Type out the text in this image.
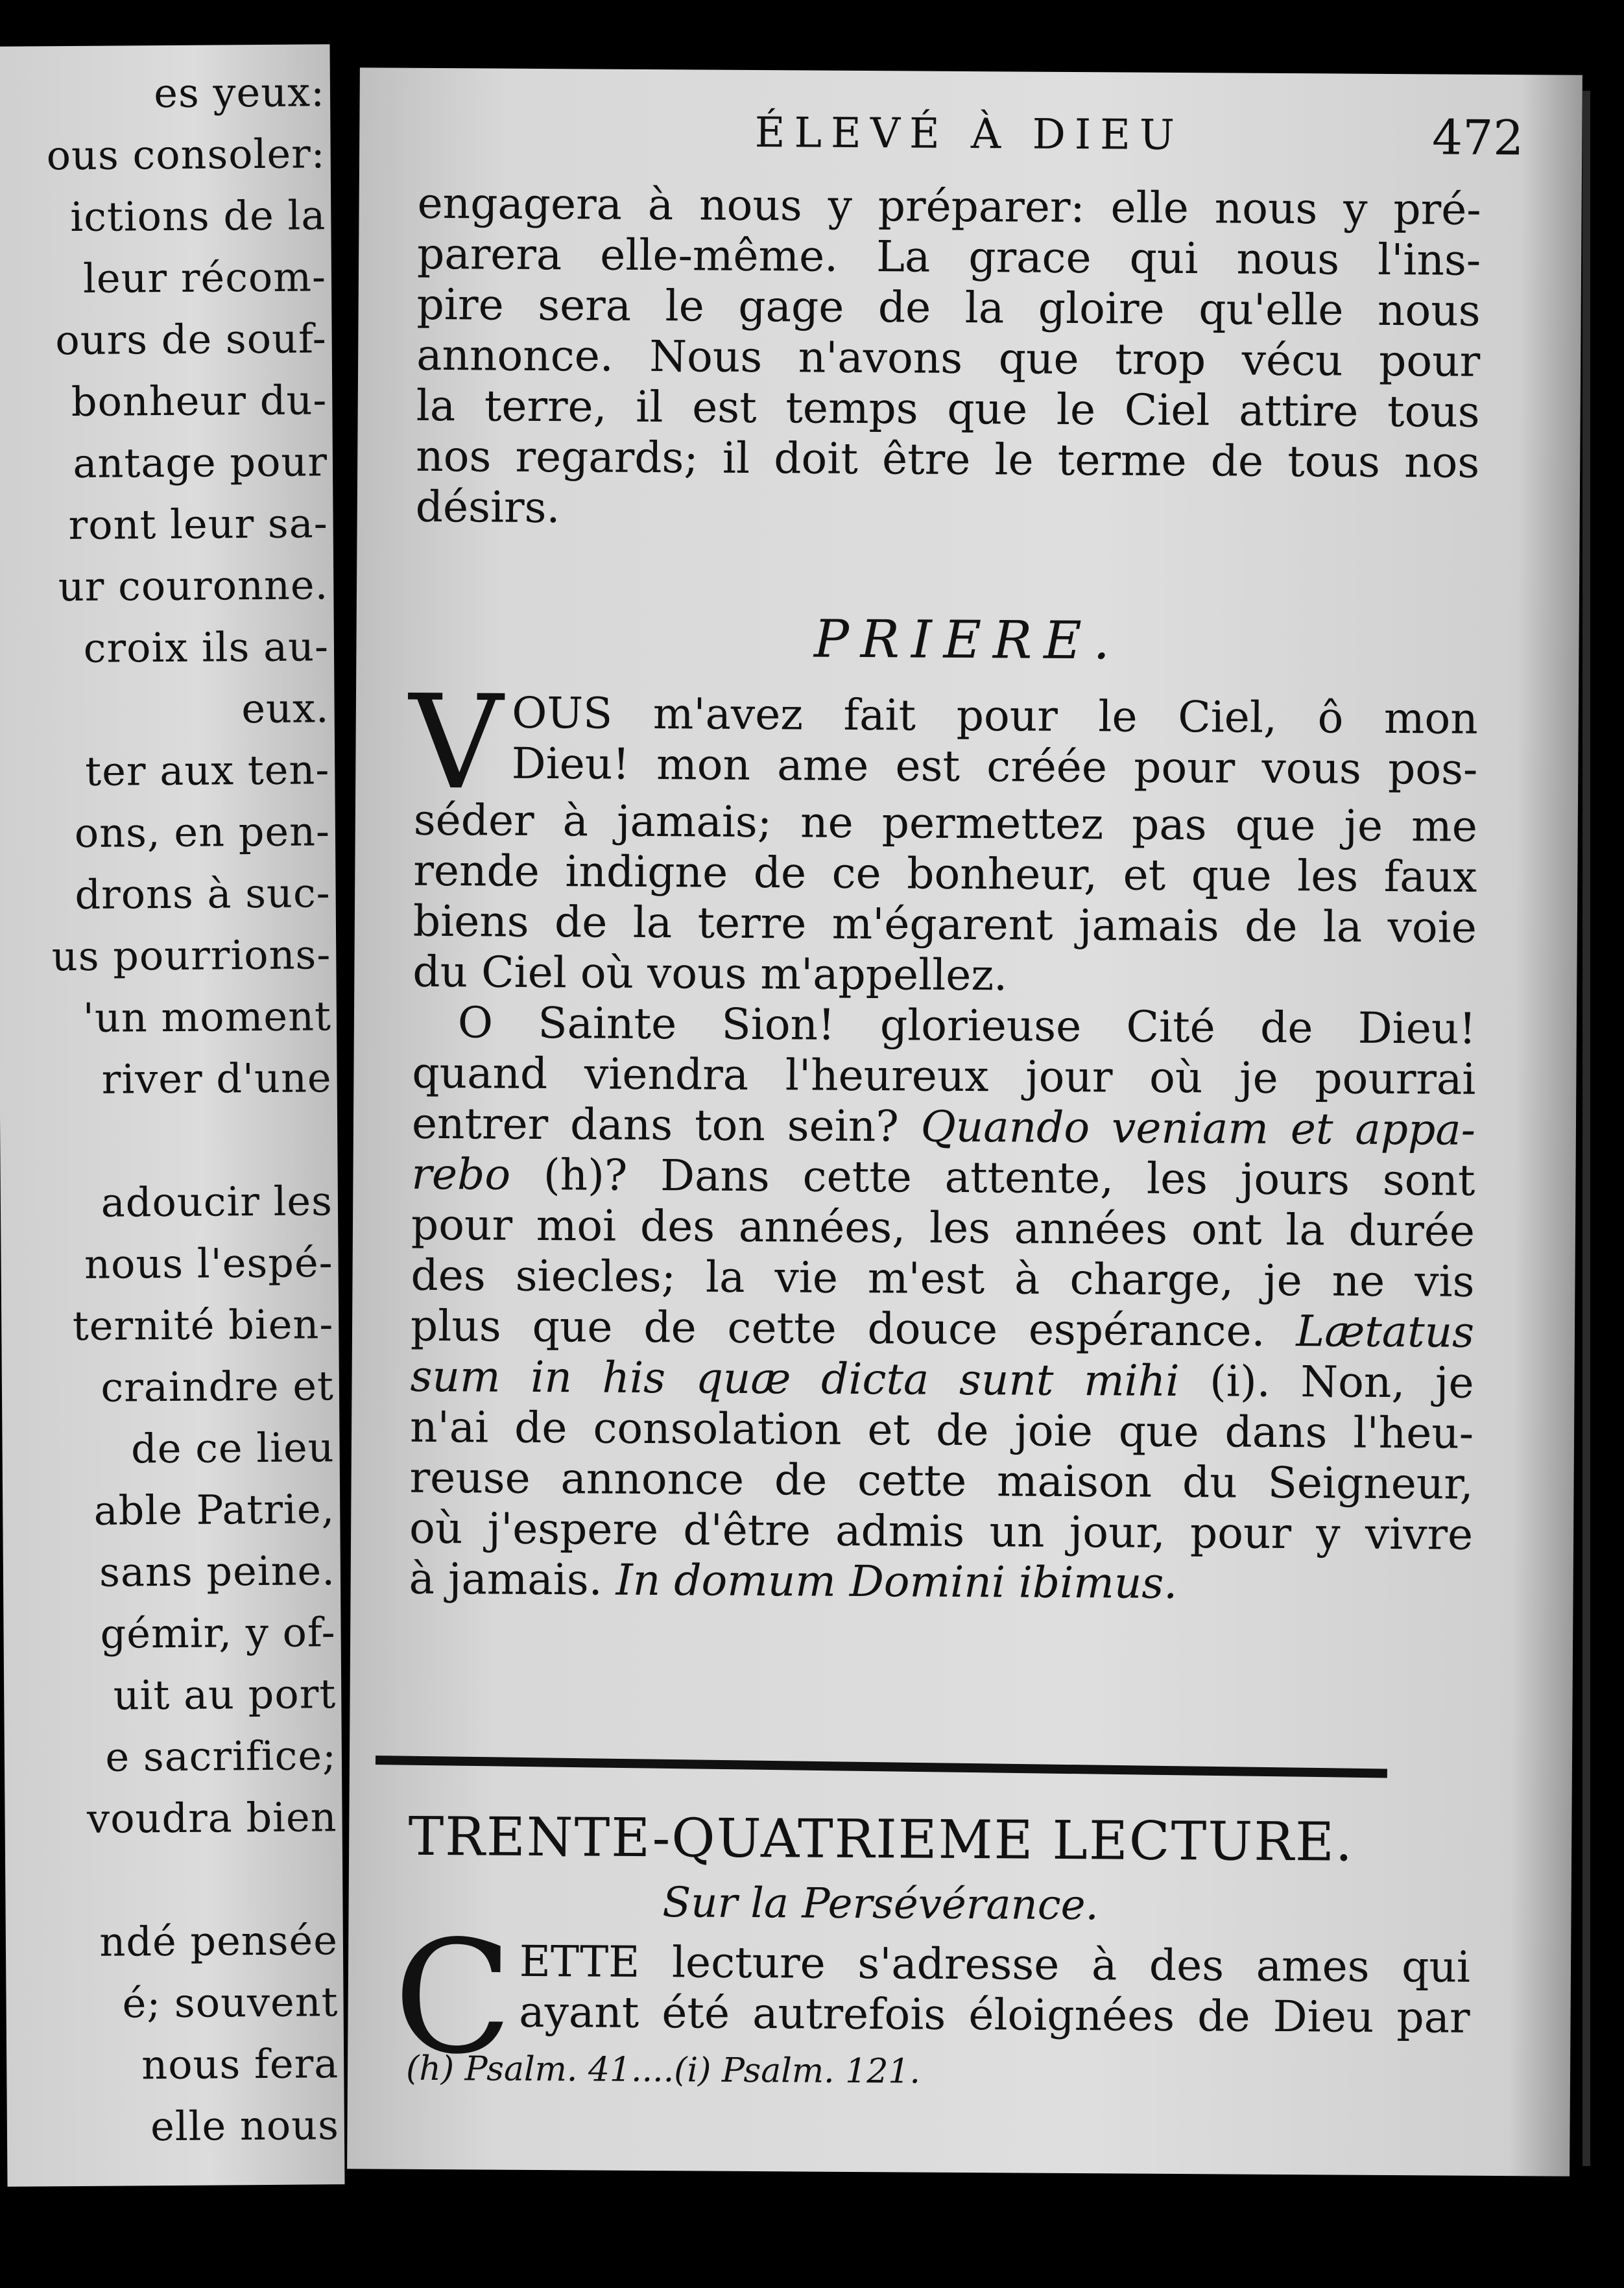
es yeux:
ous consoler:
ictions de la
leur récom-
ours de souf-
bonheur du-
antage pour
ront leur sa-
ur couronne.
croix ils au-
eux.
ter aux ten-
ons, en pen-
drons à suc-
us pourrions-
'un moment
river d'une
adoucir les
nous l'espé-
ternité bien-
craindre et
de ce lieu
able Patrie,
sans peine.
gémir, y of-
uit au port
e sacrifice;
voudra bien
ndé pensée
é; souvent
nous fera
elle nous
ÉLEVÉ À DIEU	472
engagera à nous y préparer: elle nous y pré-
parera elle-même. La grace qui nous l'ins-
pire sera le gage de la gloire qu'elle nous
annonce. Nous n'avons que trop vécu pour
la terre, il est temps que le Ciel attire tous
nos regards; il doit être le terme de tous nos
désirs.
PRIERE.
V OUS m'avez fait pour le Ciel, ô mon
Dieu! mon ame est créée pour vous pos-
séder à jamais; ne permettez pas que je me
rende indigne de ce bonheur, et que les faux
biens de la terre m'égarent jamais de la voie
du Ciel où vous m'appellez.
O Sainte Sion! glorieuse Cité de Dieu!
quand viendra l'heureux jour où je pourrai
entrer dans ton sein? Quando veniam et appa-
rebo (h)? Dans cette attente, les jours sont
pour moi des années, les années ont la durée
des siecles; la vie m'est à charge, je ne vis
plus que de cette douce espérance. Lætatus
sum in his quæ dicta sunt mihi (i). Non, je
n'ai de consolation et de joie que dans l'heu-
reuse annonce de cette maison du Seigneur,
où j'espere d'être admis un jour, pour y vivre
à jamais. In domum Domini ibimus.
TRENTE-QUATRIEME LECTURE.
Sur la Persévérance.
C ETTE lecture s'adresse à des ames qui
ayant été autrefois éloignées de Dieu par
(h) Psalm. 41....(i) Psalm. 121.
